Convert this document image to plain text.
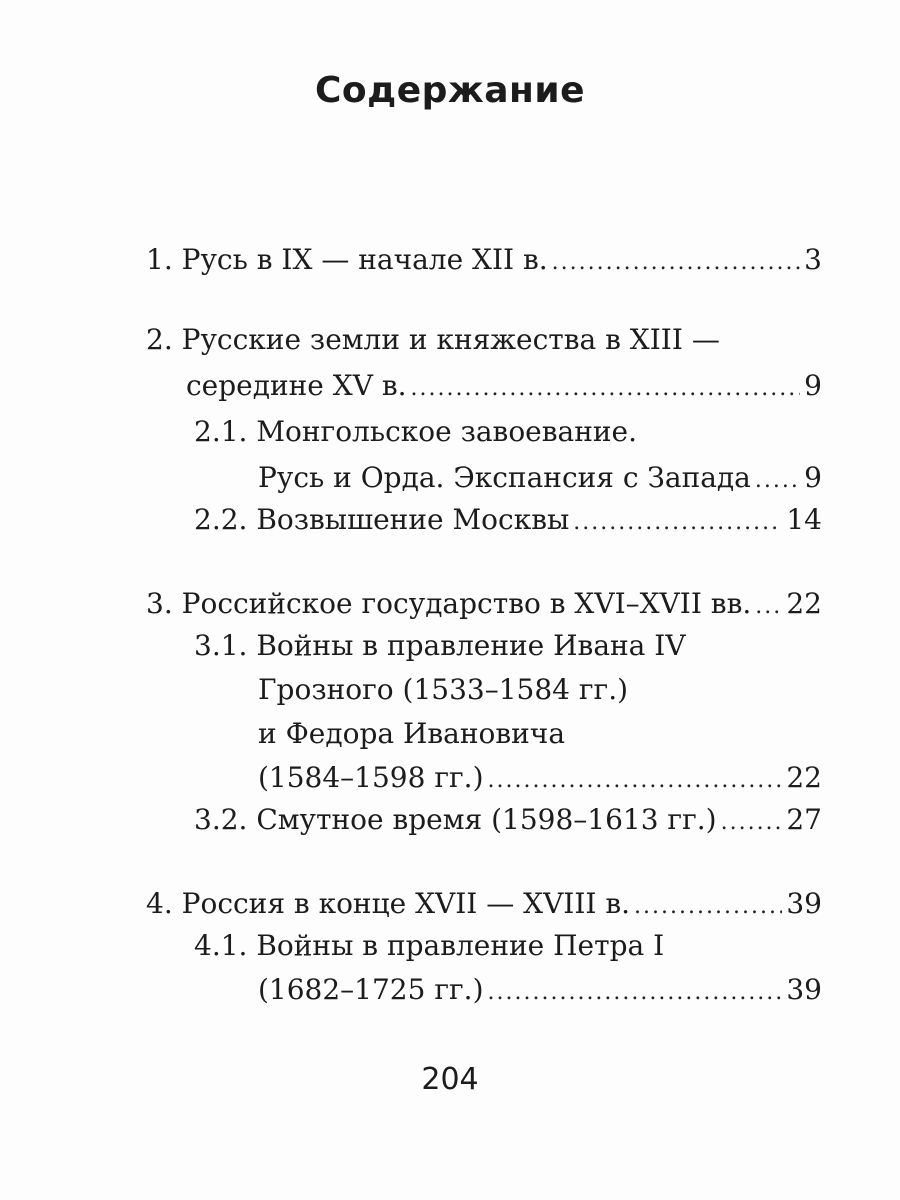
Содержание
1. Русь в IX — начале XII в. .....	3
2. Русские земли и княжества в XIII —
середине XV в. .....	9
2.1. Монгольское завоевание.
Русь и Орда. Экспансия с Запада ..... 9
2.2. Возвышение Москвы .....	14
3. Российское государство в XVI–XVII вв. ..... 22
3.1. Войны в правление Ивана IV
Грозного (1533–1584 гг.)
и Федора Ивановича
(1584–1598 гг.) .....	22
3.2. Смутное время (1598–1613 гг.) ..... 27
4. Россия в конце XVII — XVIII в. .....	39
4.1. Войны в правление Петра I
(1682–1725 гг.) .....	39
204
